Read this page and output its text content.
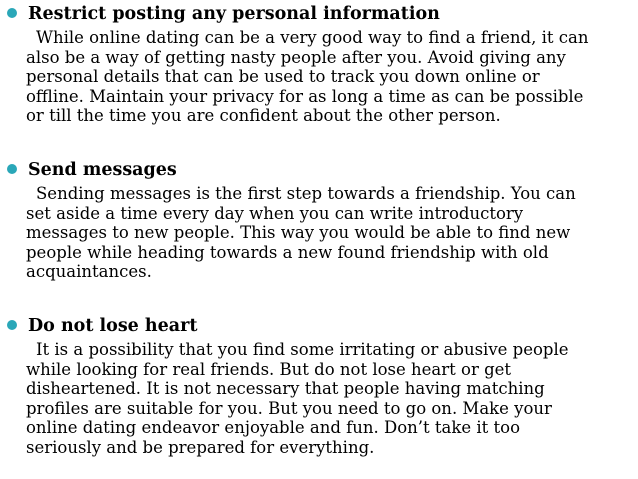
Restrict posting any personal information
While online dating can be a very good way to find a friend, it can
also be a way of getting nasty people after you. Avoid giving any
personal details that can be used to track you down online or
offline. Maintain your privacy for as long a time as can be possible
or till the time you are confident about the other person.
Send messages
Sending messages is the first step towards a friendship. You can
set aside a time every day when you can write introductory
messages to new people. This way you would be able to find new
people while heading towards a new found friendship with old
acquaintances.
Do not lose heart
It is a possibility that you find some irritating or abusive people
while looking for real friends. But do not lose heart or get
disheartened. It is not necessary that people having matching
profiles are suitable for you. But you need to go on. Make your
online dating endeavor enjoyable and fun. Don’t take it too
seriously and be prepared for everything.
